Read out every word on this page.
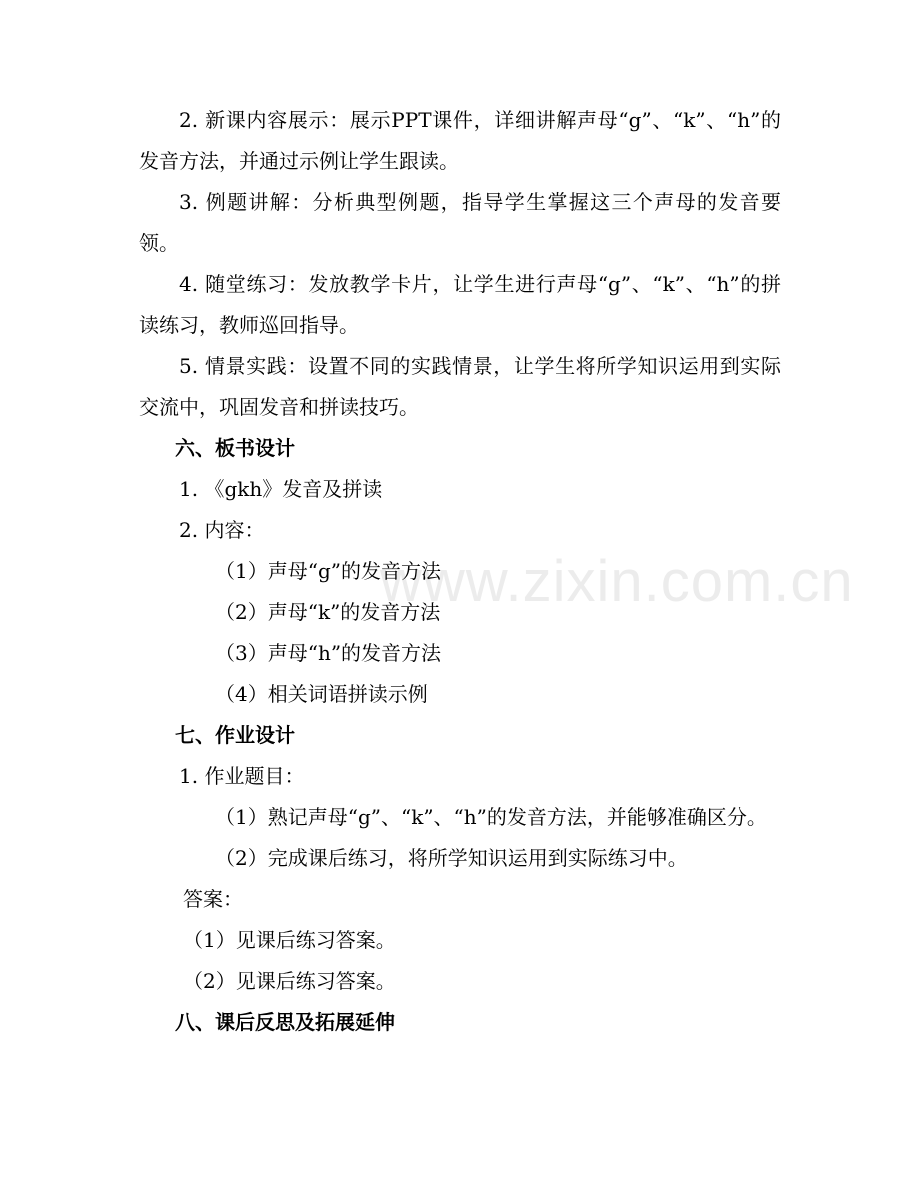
www.zixin.com.cn

2. 新课内容展示：展示PPT课件，详细讲解声母“g”、“k”、“h”的发音方法，并通过示例让学生跟读。

3. 例题讲解：分析典型例题，指导学生掌握这三个声母的发音要领。

4. 随堂练习：发放教学卡片，让学生进行声母“g”、“k”、“h”的拼读练习，教师巡回指导。

5. 情景实践：设置不同的实践情景，让学生将所学知识运用到实际交流中，巩固发音和拼读技巧。

六、板书设计

1. 《gkh》发音及拼读

2. 内容：

（1）声母“g”的发音方法

（2）声母“k”的发音方法

（3）声母“h”的发音方法

（4）相关词语拼读示例

七、作业设计

1. 作业题目：

（1）熟记声母“g”、“k”、“h”的发音方法，并能够准确区分。

（2）完成课后练习，将所学知识运用到实际练习中。

答案：

（1）见课后练习答案。

（2）见课后练习答案。

八、课后反思及拓展延伸
